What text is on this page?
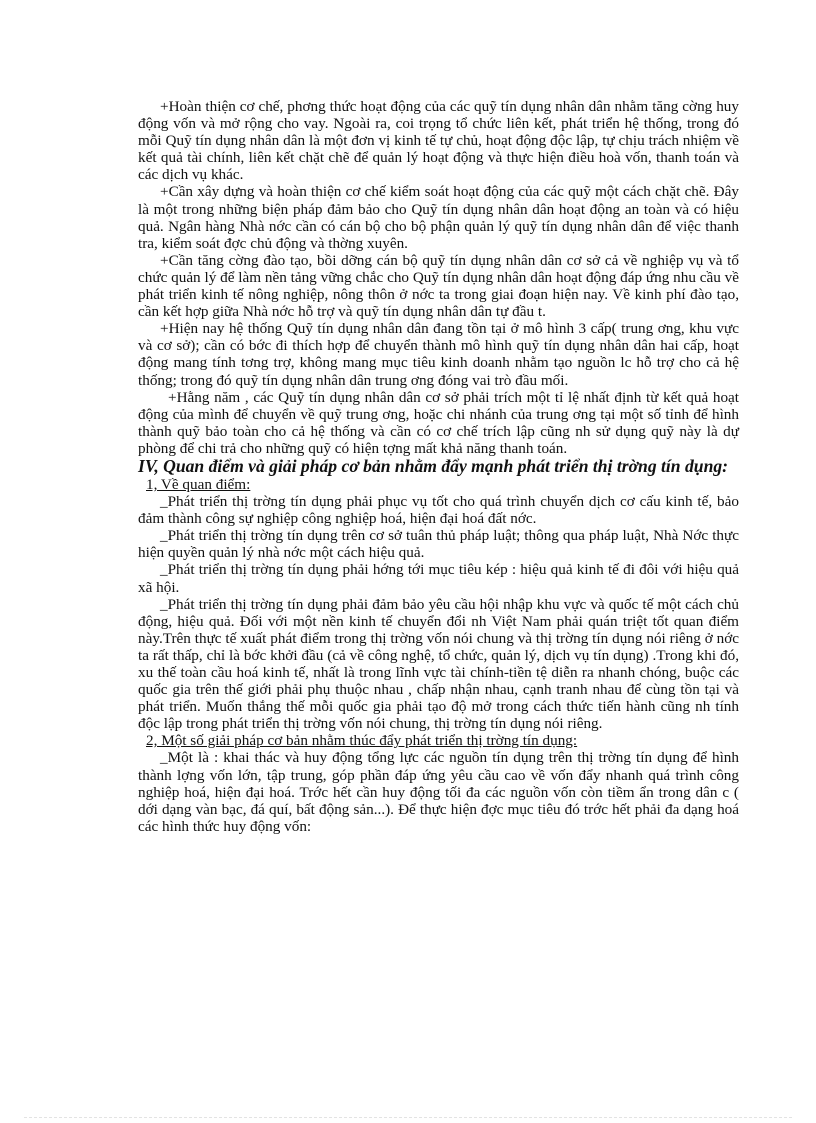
+Hoàn thiện cơ chế, phơng thức hoạt động của các quỹ tín dụng nhân dân nhằm tăng cờng huy động vốn và mở rộng cho vay. Ngoài ra, coi trọng tổ chức liên kết, phát triển hệ thống, trong đó mỗi Quỹ tín dụng nhân dân là một đơn vị kinh tế tự chủ, hoạt động độc lập, tự chịu trách nhiệm về kết quả tài chính, liên kết chặt chẽ để quản lý hoạt động và thực hiện điều hoà vốn, thanh toán và các dịch vụ khác.

+Cần xây dựng và hoàn thiện cơ chế kiểm soát hoạt động của các quỹ một cách chặt chẽ. Đây là một trong những biện pháp đảm bảo cho Quỹ tín dụng nhân dân hoạt động an toàn và có hiệu quả. Ngân hàng Nhà nớc cần có cán bộ cho bộ phận quản lý quỹ tín dụng nhân dân để việc thanh tra, kiểm soát đợc chủ động và thờng xuyên.

+Cần tăng cờng đào tạo, bồi dỡng cán bộ quỹ tín dụng nhân dân cơ sở cả về nghiệp vụ và tổ chức quản lý để làm nền tảng vững chắc cho Quỹ tín dụng nhân dân hoạt động đáp ứng nhu cầu về phát triển kinh tế nông nghiệp, nông thôn ở nớc ta trong giai đoạn hiện nay. Về kinh phí đào tạo, cần kết hợp giữa Nhà nớc hỗ trợ và quỹ tín dụng nhân dân tự đầu t.

+Hiện nay hệ thống Quỹ tín dụng nhân dân đang tồn tại ở mô hình 3 cấp( trung ơng, khu vực và cơ sở); cần có bớc đi thích hợp để chuyển thành mô hình quỹ tín dụng nhân dân hai cấp, hoạt động mang tính tơng trợ, không mang mục tiêu kinh doanh nhằm tạo nguồn lc hỗ trợ cho cả hệ thống; trong đó quỹ tín dụng nhân dân trung ơng đóng vai trò đầu mối.

+Hằng năm , các Quỹ tín dụng nhân dân cơ sở phải trích một tỉ lệ nhất định từ kết quả hoạt động của mình để chuyển về quỹ trung ơng, hoặc chi nhánh của trung ơng tại một số tỉnh để hình thành quỹ bảo toàn cho cả hệ thống và cần có cơ chế trích lập cũng nh sử dụng quỹ này là dự phòng để chi trả cho những quỹ có hiện tợng mất khả năng thanh toán.

IV, Quan điểm và giải pháp cơ bản nhằm đẩy mạnh phát triển thị trờng tín dụng:

1, Về quan điểm:

_Phát triển thị trờng tín dụng phải phục vụ tốt cho quá trình chuyển dịch cơ cấu kinh tế, bảo đảm thành công sự nghiệp công nghiệp hoá, hiện đại hoá đất nớc.

_Phát triển thị trờng tín dụng trên cơ sở tuân thủ pháp luật; thông qua pháp luật, Nhà Nớc thực hiện quyền quản lý nhà nớc một cách hiệu quả.

_Phát triển thị trờng tín dụng phải hớng tới mục tiêu kép : hiệu quả kinh tế đi đôi với hiệu quả xã hội.

_Phát triển thị trờng tín dụng phải đảm bảo yêu cầu hội nhập khu vực và quốc tế một cách chủ động, hiệu quả. Đối với một nền kinh tế chuyển đổi nh Việt Nam phải quán triệt tốt quan điểm này.Trên thực tế xuất phát điểm trong thị trờng vốn nói chung và thị trờng tín dụng nói riêng ở nớc ta rất thấp, chỉ là bớc khởi đầu (cả về công nghệ, tổ chức, quản lý, dịch vụ tín dụng) .Trong khi đó, xu thế toàn cầu hoá kinh tế, nhất là trong lĩnh vực tài chính-tiền tệ diễn ra nhanh chóng, buộc các quốc gia trên thế giới phải phụ thuộc nhau , chấp nhận nhau, cạnh tranh nhau để cùng tồn tại và phát triển. Muốn thắng thế mỗi quốc gia phải tạo độ mở trong cách thức tiến hành cũng nh tính độc lập trong phát triển thị trờng vốn nói chung, thị trờng tín dụng nói riêng.

2, Một số giải pháp cơ bản nhằm thúc đẩy phát triển thị trờng tín dụng:

_Một là : khai thác và huy động tổng lực các nguồn tín dụng trên thị trờng tín dụng để hình thành lợng vốn lớn, tập trung, góp phần đáp ứng yêu cầu cao về vốn đẩy nhanh quá trình công nghiệp hoá, hiện đại hoá. Trớc hết cần huy động tối đa các nguồn vốn còn tiềm ẩn trong dân c ( dới dạng vàn bạc, đá quí, bất động sản...). Để thực hiện đợc mục tiêu đó trớc hết phải đa dạng hoá các hình thức huy động vốn:
